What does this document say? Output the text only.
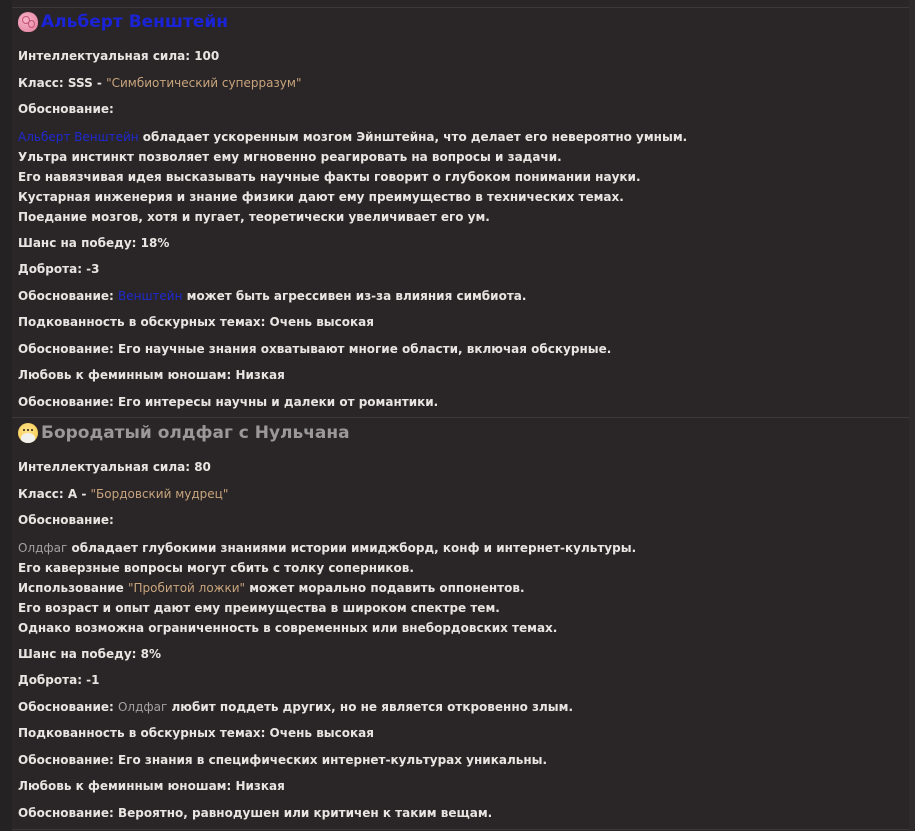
Альберт Венштейн
Интеллектуальная сила: 100
Класс: SSS - "Симбиотический суперразум"
Обоснование:
Альберт Венштейн обладает ускоренным мозгом Эйнштейна, что делает его невероятно умным.
Ультра инстинкт позволяет ему мгновенно реагировать на вопросы и задачи.
Его навязчивая идея высказывать научные факты говорит о глубоком понимании науки.
Кустарная инженерия и знание физики дают ему преимущество в технических темах.
Поедание мозгов, хотя и пугает, теоретически увеличивает его ум.
Шанс на победу: 18%
Доброта: -3
Обоснование: Венштейн может быть агрессивен из-за влияния симбиота.
Подкованность в обскурных темах: Очень высокая
Обоснование: Его научные знания охватывают многие области, включая обскурные.
Любовь к феминным юношам: Низкая
Обоснование: Его интересы научны и далеки от романтики.
Бородатый олдфаг с Нульчана
Интеллектуальная сила: 80
Класс: A - "Бордовский мудрец"
Обоснование:
Олдфаг обладает глубокими знаниями истории имиджборд, конф и интернет-культуры.
Его каверзные вопросы могут сбить с толку соперников.
Использование "Пробитой ложки" может морально подавить оппонентов.
Его возраст и опыт дают ему преимущества в широком спектре тем.
Однако возможна ограниченность в современных или внебордовских темах.
Шанс на победу: 8%
Доброта: -1
Обоснование: Олдфаг любит поддеть других, но не является откровенно злым.
Подкованность в обскурных темах: Очень высокая
Обоснование: Его знания в специфических интернет-культурах уникальны.
Любовь к феминным юношам: Низкая
Обоснование: Вероятно, равнодушен или критичен к таким вещам.
